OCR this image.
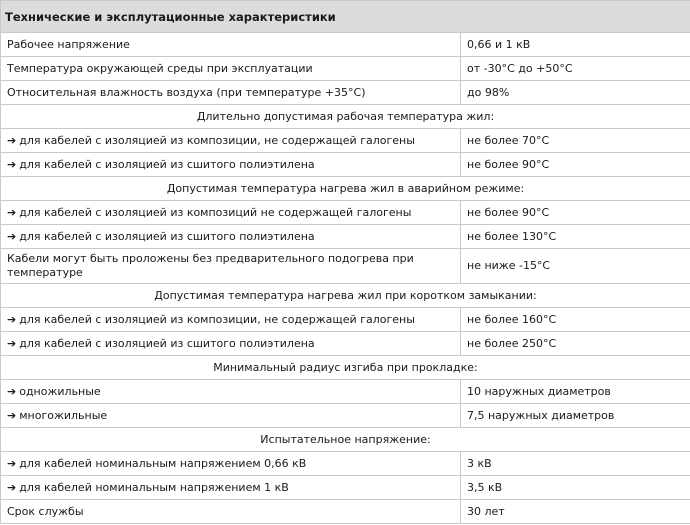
Технические и эксплутационные характеристики	
Рабочее напряжение	0,66 и 1 кВ
Температура окружающей среды при эксплуатации	от -30°С до +50°С
Относительная влажность воздуха (при температуре +35°С)	до 98%
Длительно допустимая рабочая температура жил:	
➔ для кабелей с изоляцией из композиции, не содержащей галогены	не более 70°С
➔ для кабелей с изоляцией из сшитого полиэтилена	не более 90°С
Допустимая температура нагрева жил в аварийном режиме:	
➔ для кабелей с изоляцией из композиций не содержащей галогены	не более 90°С
➔ для кабелей с изоляцией из сшитого полиэтилена	не более 130°С
Кабели могут быть проложены без предварительного подогрева при температуре	не ниже -15°С
Допустимая температура нагрева жил при коротком замыкании:	
➔ для кабелей с изоляцией из композиции, не содержащей галогены	не более 160°С
➔ для кабелей с изоляцией из сшитого полиэтилена	не более 250°С
Минимальный радиус изгиба при прокладке:	
➔ одножильные	10 наружных диаметров
➔ многожильные	7,5 наружных диаметров
Испытательное напряжение:	
➔ для кабелей номинальным напряжением 0,66 кВ	3 кВ
➔ для кабелей номинальным напряжением 1 кВ	3,5 кВ
Срок службы	30 лет
